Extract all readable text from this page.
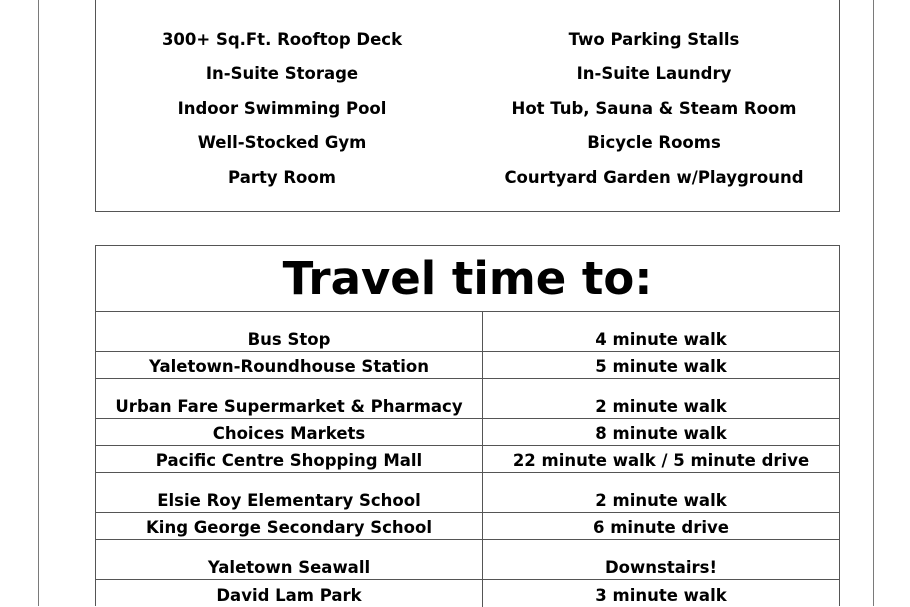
300+ Sq.Ft. Rooftop Deck
In-Suite Storage
Indoor Swimming Pool
Well-Stocked Gym
Party Room
Two Parking Stalls
In-Suite Laundry
Hot Tub, Sauna & Steam Room
Bicycle Rooms
Courtyard Garden w/Playground
Travel time to:
Bus Stop	4 minute walk
Yaletown-Roundhouse Station	5 minute walk
Urban Fare Supermarket & Pharmacy	2 minute walk
Choices Markets	8 minute walk
Pacific Centre Shopping Mall	22 minute walk / 5 minute drive
Elsie Roy Elementary School	2 minute walk
King George Secondary School	6 minute drive
Yaletown Seawall	Downstairs!
David Lam Park	3 minute walk
